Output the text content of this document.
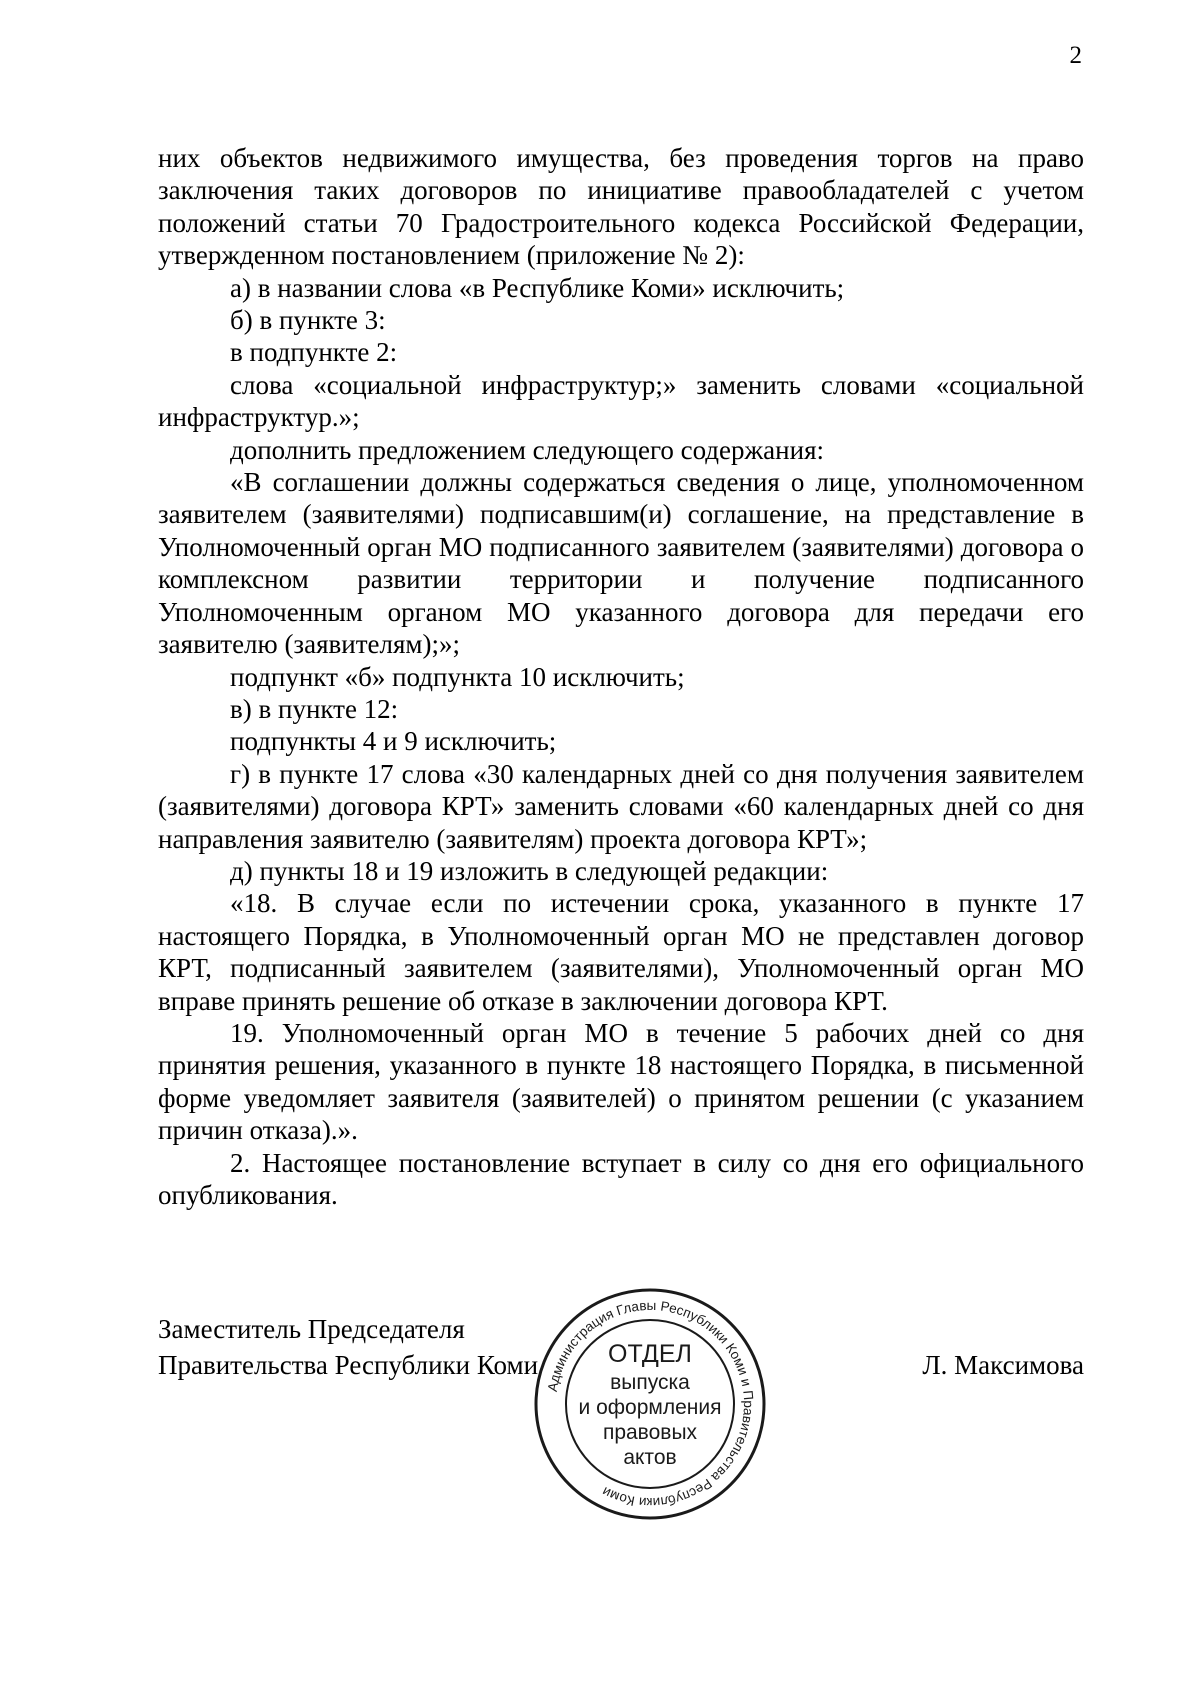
2

них объектов недвижимого имущества, без проведения торгов на право заключения таких договоров по инициативе правообладателей с учетом положений статьи 70 Градостроительного кодекса Российской Федерации, утвержденном постановлением (приложение № 2):

а) в названии слова «в Республике Коми» исключить;

б) в пункте 3:

в подпункте 2:

слова «социальной инфраструктур;» заменить словами «социальной инфраструктур.»;

дополнить предложением следующего содержания:

«В соглашении должны содержаться сведения о лице, уполномоченном заявителем (заявителями) подписавшим(и) соглашение, на представление в Уполномоченный орган МО подписанного заявителем (заявителями) договора о комплексном развитии территории и получение подписанного Уполномоченным органом МО указанного договора для передачи его заявителю (заявителям);»;

подпункт «б» подпункта 10 исключить;

в) в пункте 12:

подпункты 4 и 9 исключить;

г) в пункте 17 слова «30 календарных дней со дня получения заявителем (заявителями) договора КРТ» заменить словами «60 календарных дней со дня направления заявителю (заявителям) проекта договора КРТ»;

д) пункты 18 и 19 изложить в следующей редакции:

«18. В случае если по истечении срока, указанного в пункте 17 настоящего Порядка, в Уполномоченный орган МО не представлен договор КРТ, подписанный заявителем (заявителями), Уполномоченный орган МО вправе принять решение об отказе в заключении договора КРТ.

19. Уполномоченный орган МО в течение 5 рабочих дней со дня принятия решения, указанного в пункте 18 настоящего Порядка, в письменной форме уведомляет заявителя (заявителей) о принятом решении (с указанием причин отказа).».

2. Настоящее постановление вступает в силу со дня его официального опубликования.

Заместитель Председателя
Правительства Республики Коми	Л. Максимова
Администрация Главы Республики Коми и Правительства Республики Коми
ОТДЕЛ
выпуска
и оформления
правовых
актов
